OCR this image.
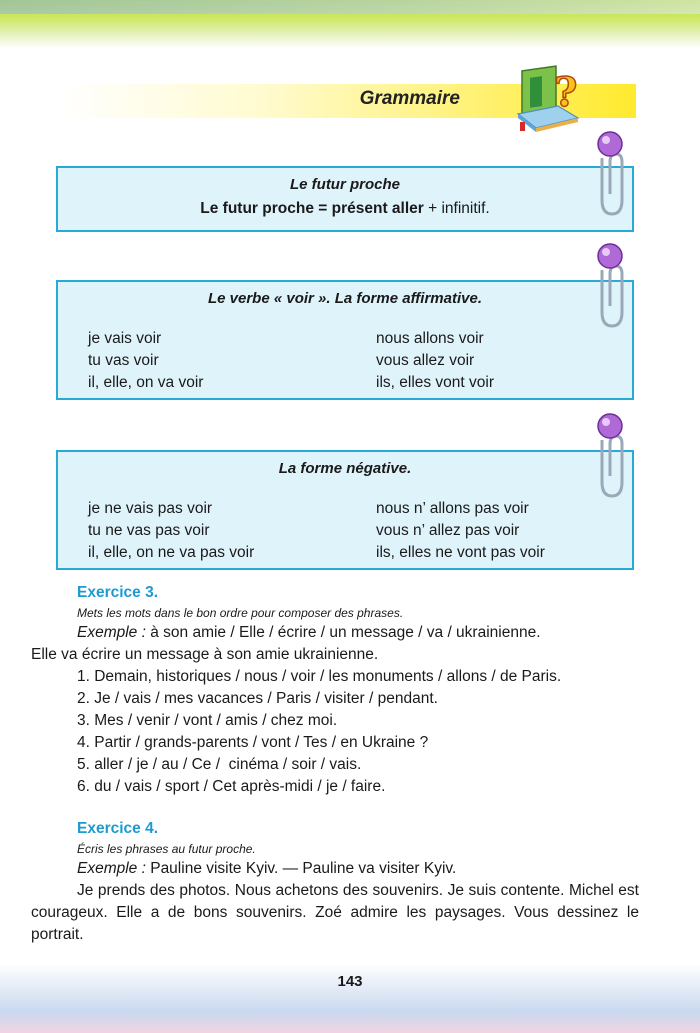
Grammaire ?
Le futur proche
Le futur proche = présent aller + infinitif.
Le verbe « voir ». La forme affirmative.
je vais voir
tu vas voir
il, elle, on va voir
nous allons voir
vous allez voir
ils, elles vont voir
La forme négative.
je ne vais pas voir
tu ne vas pas voir
il, elle, on ne va pas voir
nous n’ allons pas voir
vous n’ allez pas voir
ils, elles ne vont pas voir
Exercice 3.
Mets les mots dans le bon ordre pour composer des phrases.
Exemple : à son amie / Elle / écrire / un message / va / ukrainienne.
Elle va écrire un message à son amie ukrainienne.
1. Demain, historiques / nous / voir / les monuments / allons / de Paris.
2. Je / vais / mes vacances / Paris / visiter / pendant.
3. Mes / venir / vont / amis / chez moi.
4. Partir / grands-parents / vont / Tes / en Ukraine ?
5. aller / je / au / Ce /  cinéma / soir / vais.
6. du / vais / sport / Cet après-midi / je / faire.
Exercice 4.
Écris les phrases au futur proche.
Exemple : Pauline visite Kyiv. — Pauline va visiter Kyiv.
Je prends des photos. Nous achetons des souvenirs. Je suis contente. Michel est courageux. Elle a de bons souvenirs. Zoé admire les paysages. Vous dessinez le portrait.
143
